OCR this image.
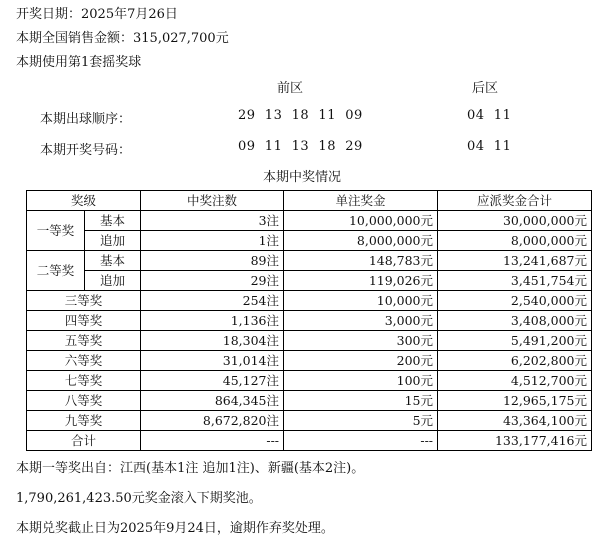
开奖日期：2025年7月26日
本期全国销售金额：315,027,700元
本期使用第1套摇奖球
前区	后区
本期出球顺序：	29  13  18  11  09	04  11
本期开奖号码：	09  11  13  18  29	04  11
本期中奖情况
奖级		中奖注数	单注奖金	应派奖金合计
一等奖	基本	3注	10,000,000元	30,000,000元
	追加	1注	8,000,000元	8,000,000元
二等奖	基本	89注	148,783元	13,241,687元
	追加	29注	119,026元	3,451,754元
三等奖		254注	10,000元	2,540,000元
四等奖		1,136注	3,000元	3,408,000元
五等奖		18,304注	300元	5,491,200元
六等奖		31,014注	200元	6,202,800元
七等奖		45,127注	100元	4,512,700元
八等奖		864,345注	15元	12,965,175元
九等奖		8,672,820注	5元	43,364,100元
合计		---	---	133,177,416元
本期一等奖出自：江西(基本1注 追加1注)、新疆(基本2注)。
1,790,261,423.50元奖金滚入下期奖池。
本期兑奖截止日为2025年9月24日，逾期作弃奖处理。
